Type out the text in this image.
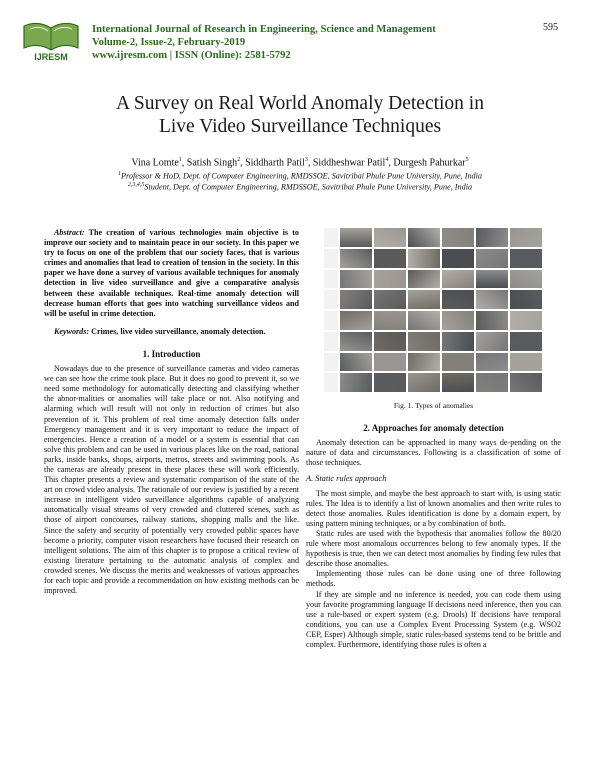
IJRESM
International Journal of Research in Engineering, Science and Management
Volume-2, Issue-2, February-2019
www.ijresm.com | ISSN (Online): 2581-5792
595
A Survey on Real World Anomaly Detection in
Live Video Surveillance Techniques
Vina Lomte$^1$, Satish Singh$^2$, Siddharth Patil$^3$, Siddheshwar Patil$^4$, Durgesh Pahurkar$^5$
$^1$Professor & HoD, Dept. of Computer Engineering, RMDSSOE, Savitribai Phule Pune University, Pune, India
$^{2,3,4,5}$Student, Dept. of Computer Engineering, RMDSSOE, Savitribai Phule Pune University, Pune, India

Abstract: The creation of various technologies main objective is to improve our society and to maintain peace in our society. In this paper we try to focus on one of the problem that our society faces, that is various crimes and anomalies that lead to creation of tension in the society. In this paper we have done a survey of various available techniques for anomaly detection in live video surveillance and give a comparative analysis between these available techniques. Real-time anomaly detection will decrease human efforts that goes into watching surveillance videos and will be useful in crime detection.

Keywords: Crimes, live video surveillance, anomaly detection.

1. Introduction

Nowadays due to the presence of surveillance cameras and video cameras we can see how the crime took place. But it does no good to prevent it, so we need some methodology for automatically detecting and classifying whether the abnor-malities or anomalies will take place or not. Also notifying and alarming which will result will not only in reduction of crimes but also prevention of it. This problem of real time anomaly detection falls under Emergency management and it is very important to reduce the impact of emergencies. Hence a creation of a model or a system is essential that can solve this problem and can be used in various places like on the road, national parks, inside banks, shops, airports, metros, streets and swimming pools. As the cameras are already present in these places these will work efficiently. This chapter presents a review and systematic comparison of the state of the art on crowd video analysis. The rationale of our review is justified by a recent increase in intelligent video surveillance algorithms capable of analyzing automatically visual streams of very crowded and cluttered scenes, such as those of airport concourses, railway stations, shopping malls and the like. Since the safety and security of potentially very crowded public spaces have become a priority, computer vision researchers have focused their research on intelligent solutions. The aim of this chapter is to propose a critical review of existing literature pertaining to the automatic analysis of complex and crowded scenes. We discuss the merits and weaknesses of various approaches for each topic and provide a recommendation on how existing methods can be improved.

Fig. 1. Types of anomalies
2. Approaches for anomaly detection

Anomaly detection can be approached in many ways de-pending on the nature of data and circumstances. Following is a classification of some of those techniques.

A. Static rules approach

The most simple, and maybe the best approach to start with, is using static rules. The Idea is to identify a list of known anomalies and then write rules to detect those anomalies. Rules identification is done by a domain expert, by using pattern mining techniques, or a by combination of both.

Static rules are used with the hypothesis that anomalies follow the 80/20 rule where most anomalous occurrences belong to few anomaly types. If the hypothesis is true, then we can detect most anomalies by finding few rules that describe those anomalies.

Implementing those rules can be done using one of three following methods.

If they are simple and no inference is needed, you can code them using your favorite programming language If decisions need inference, then you can use a rule-based or expert system (e.g. Drools) If decisions have temporal conditions, you can use a Complex Event Processing System (e.g. WSO2 CEP, Esper) Although simple, static rules-based systems tend to be brittle and complex. Furthermore, identifying those rules is often a
